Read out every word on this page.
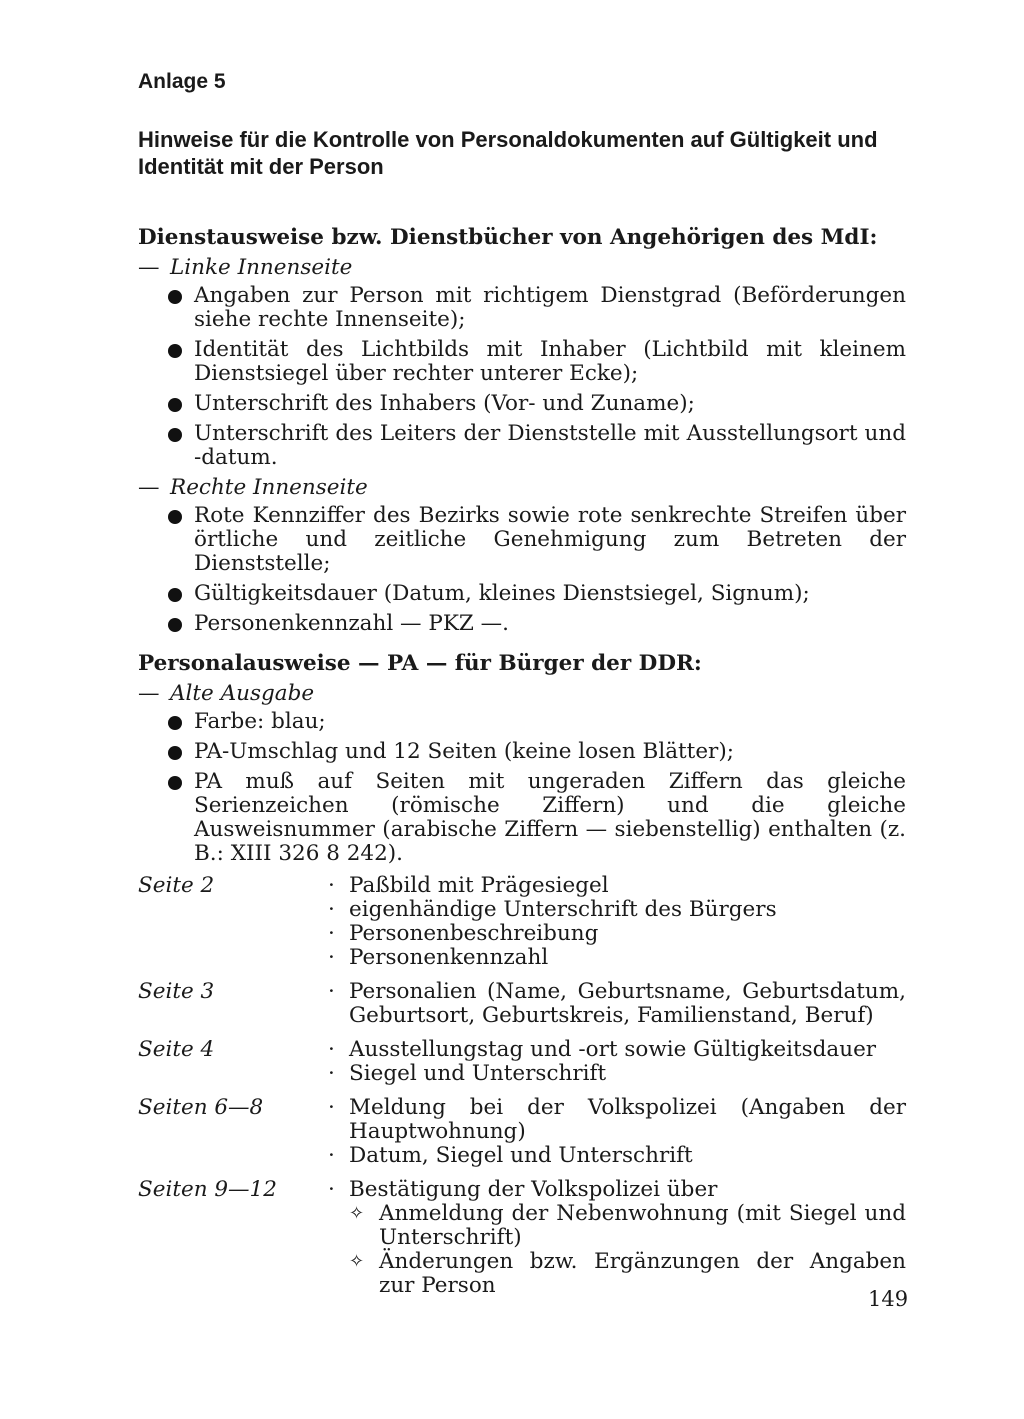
Anlage 5
Hinweise für die Kontrolle von Personaldokumenten auf Gültigkeit und Identität mit der Person
Dienstausweise bzw. Dienstbücher von Angehörigen des MdI:
— Linke Innenseite
Angaben zur Person mit richtigem Dienstgrad (Beförderungen siehe rechte Innenseite);
Identität des Lichtbilds mit Inhaber (Lichtbild mit kleinem Dienstsiegel über rechter unterer Ecke);
Unterschrift des Inhabers (Vor- und Zuname);
Unterschrift des Leiters der Dienststelle mit Ausstellungsort und -datum.
— Rechte Innenseite
Rote Kennziffer des Bezirks sowie rote senkrechte Streifen über örtliche und zeitliche Genehmigung zum Betreten der Dienststelle;
Gültigkeitsdauer (Datum, kleines Dienstsiegel, Signum);
Personenkennzahl — PKZ —.
Personalausweise — PA — für Bürger der DDR:
— Alte Ausgabe
Farbe: blau;
PA-Umschlag und 12 Seiten (keine losen Blätter);
PA muß auf Seiten mit ungeraden Ziffern das gleiche Serienzeichen (römische Ziffern) und die gleiche Ausweisnummer (arabische Ziffern — siebenstellig) enthalten (z. B.: XIII 326 8 242).
Seite 2	· Paßbild mit Prägesiegel
· eigenhändige Unterschrift des Bürgers
· Personenbeschreibung
· Personenkennzahl
Seite 3	· Personalien (Name, Geburtsname, Geburtsdatum, Geburtsort, Geburtskreis, Familienstand, Beruf)
Seite 4	· Ausstellungstag und -ort sowie Gültigkeitsdauer
· Siegel und Unterschrift
Seiten 6—8	· Meldung bei der Volkspolizei (Angaben der Hauptwohnung)
· Datum, Siegel und Unterschrift
Seiten 9—12	· Bestätigung der Volkspolizei über
✧ Anmeldung der Nebenwohnung (mit Siegel und Unterschrift)
✧ Änderungen bzw. Ergänzungen der Angaben zur Person
149
